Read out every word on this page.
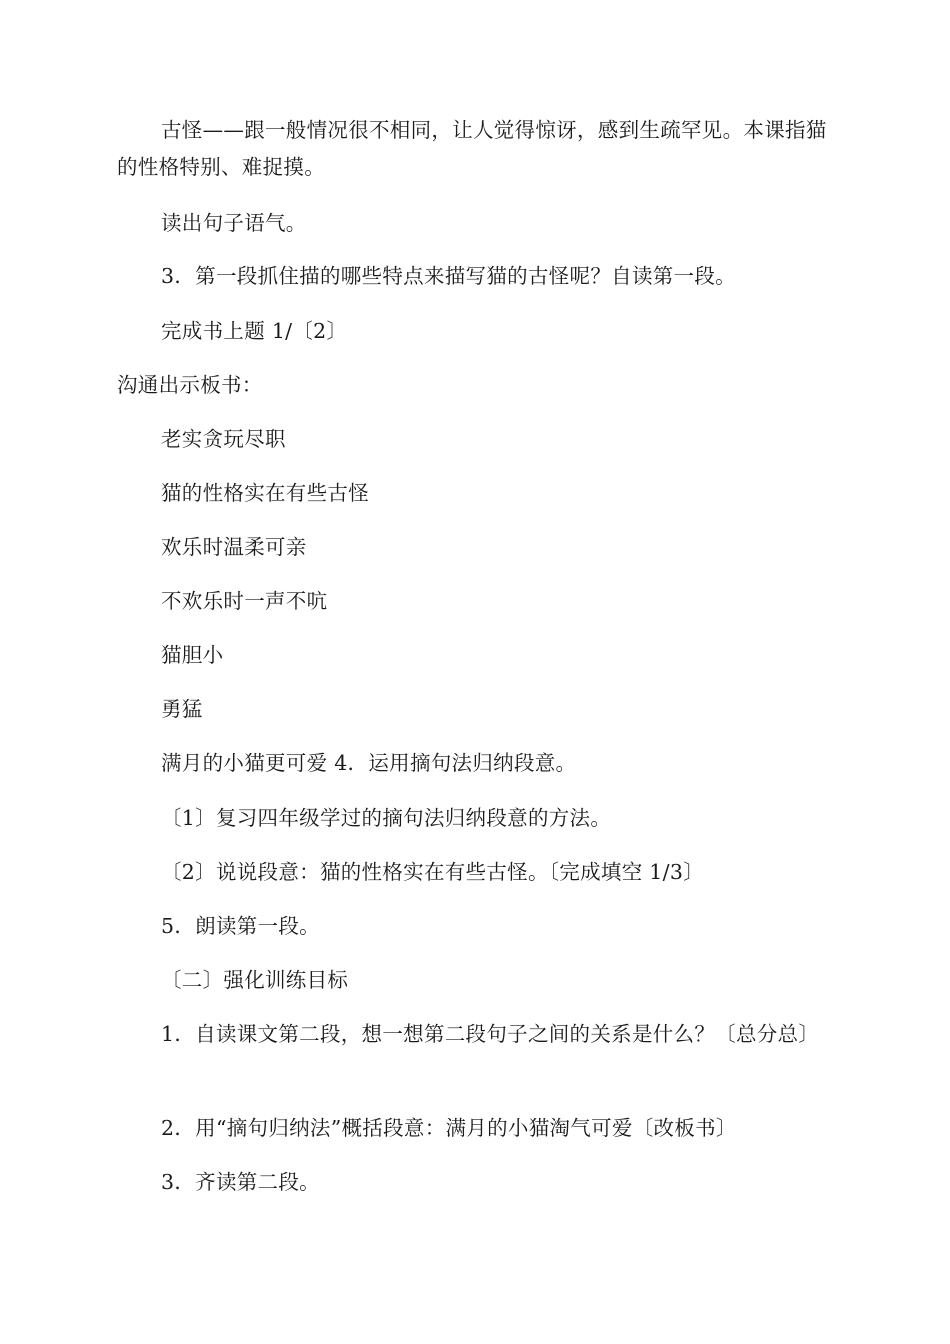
古怪——跟一般情况很不相同，让人觉得惊讶，感到生疏罕见。本课指猫的性格特别、难捉摸。

读出句子语气。

3．第一段抓住描的哪些特点来描写猫的古怪呢？自读第一段。

完成书上题 1/〔2〕

沟通出示板书：

老实贪玩尽职

猫的性格实在有些古怪

欢乐时温柔可亲

不欢乐时一声不吭

猫胆小

勇猛

满月的小猫更可爱 4．运用摘句法归纳段意。

〔1〕复习四年级学过的摘句法归纳段意的方法。

〔2〕说说段意：猫的性格实在有些古怪。〔完成填空 1/3〕

5．朗读第一段。

〔二〕强化训练目标

1．自读课文第二段，想一想第二段句子之间的关系是什么？〔总分总〕

2．用“摘句归纳法”概括段意：满月的小猫淘气可爱〔改板书〕

3．齐读第二段。
